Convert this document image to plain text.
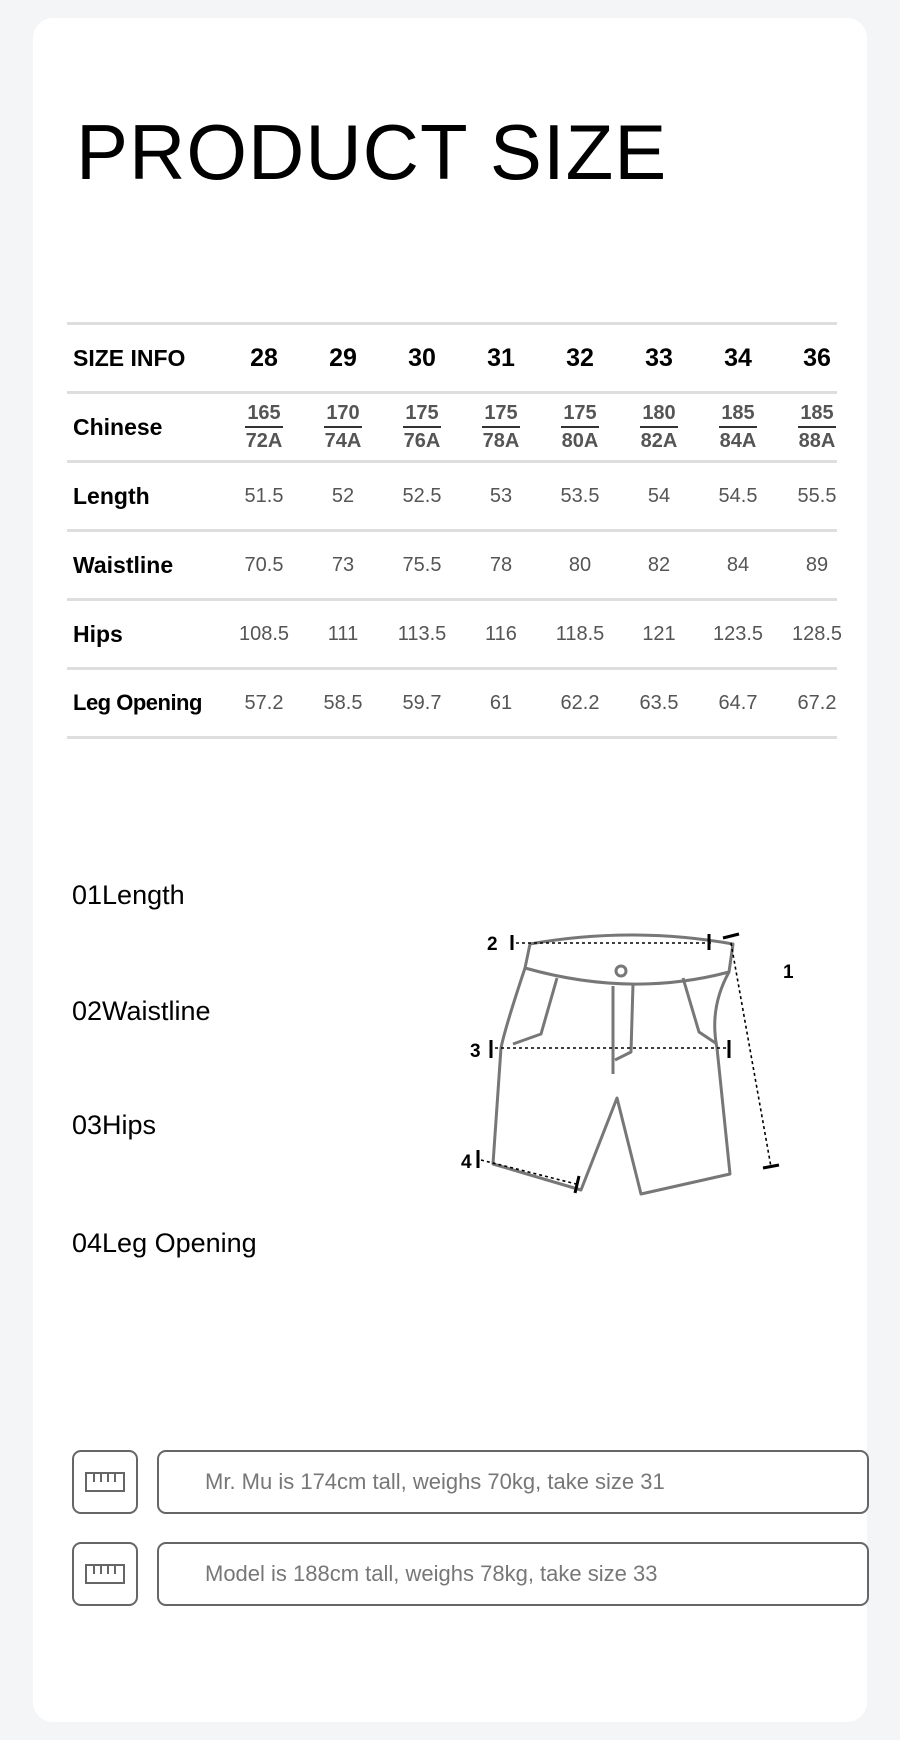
PRODUCT SIZE
SIZE INFO	28	29	30	31	32	33	34	36
Chinese	$\frac{165}{72A} \frac{170}{74A} \frac{175}{76A} \frac{175}{78A} \frac{175}{80A} \frac{180}{82A} \frac{185}{84A} \frac{185}{88A}$
Length	51.5	52	52.5	53	53.5	54	54.5	55.5
Waistline	70.5	73	75.5	78	80	82	84	89
Hips	108.5	111	113.5	116	118.5	121	123.5	128.5
Leg Opening	57.2	58.5	59.7	61	62.2	63.5	64.7	67.2
01Length
02Waistline
03Hips
04Leg Opening
1
2
3
4
Mr. Mu is 174cm tall, weighs 70kg, take size 31
Model is 188cm tall, weighs 78kg, take size 33
